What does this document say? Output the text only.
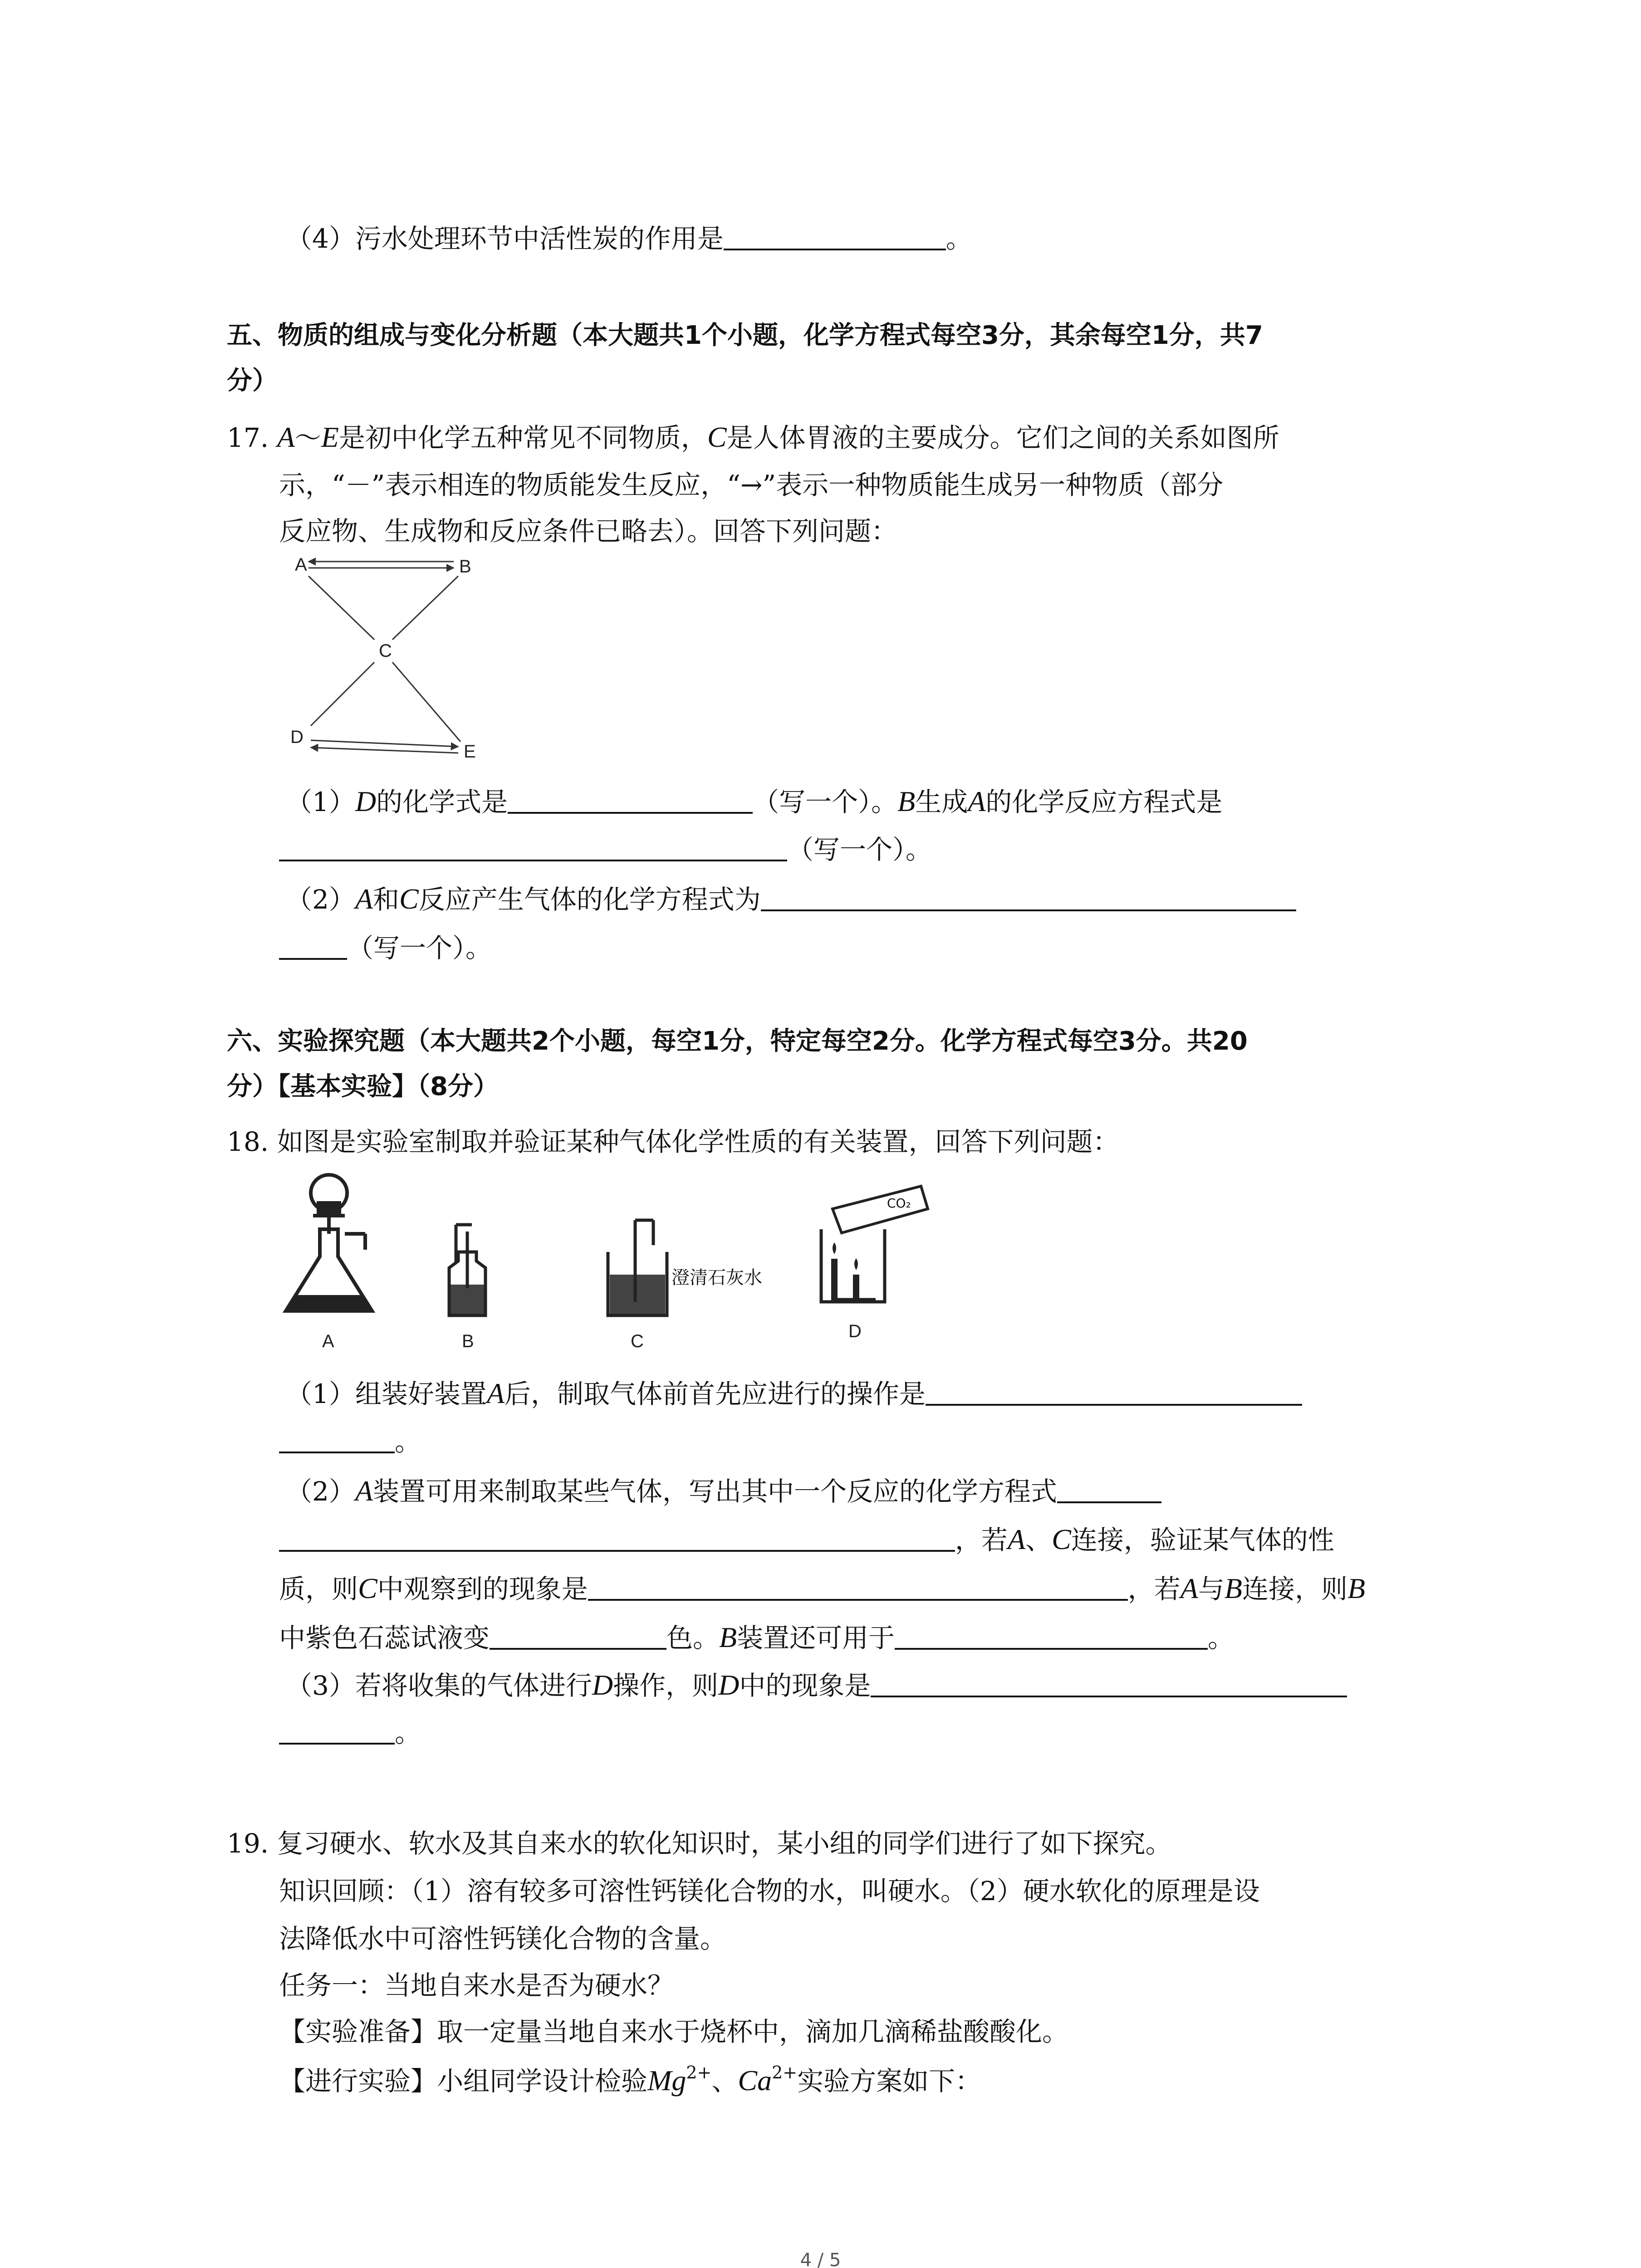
（4）污水处理环节中活性炭的作用是	。
五、物质的组成与变化分析题（本大题共1个小题，化学方程式每空3分，其余每空1分，共7
分）
17. A～E是初中化学五种常见不同物质，C是人体胃液的主要成分。它们之间的关系如图所
示，“－”表示相连的物质能发生反应，“→”表示一种物质能生成另一种物质（部分
反应物、生成物和反应条件已略去）。回答下列问题：
A	B
C
D
E
（1）D的化学式是	（写一个）。B生成A的化学反应方程式是
（写一个）。
（2）A和C反应产生气体的化学方程式为
（写一个）。
六、实验探究题（本大题共2个小题，每空1分，特定每空2分。化学方程式每空3分。共20
分）【基本实验】（8分）
18. 如图是实验室制取并验证某种气体化学性质的有关装置，回答下列问题：
A	B
澄清石灰水
C
CO₂
D
（1）组装好装置A后，制取气体前首先应进行的操作是
。
（2）A装置可用来制取某些气体，写出其中一个反应的化学方程式
，若A、C连接，验证某气体的性
质，则C中观察到的现象是	，若A与B连接，则B
中紫色石蕊试液变	色。B装置还可用于	。
（3）若将收集的气体进行D操作，则D中的现象是
。
19. 复习硬水、软水及其自来水的软化知识时，某小组的同学们进行了如下探究。
知识回顾：（1）溶有较多可溶性钙镁化合物的水，叫硬水。（2）硬水软化的原理是设
法降低水中可溶性钙镁化合物的含量。
任务一：当地自来水是否为硬水？
【实验准备】取一定量当地自来水于烧杯中，滴加几滴稀盐酸酸化。
【进行实验】小组同学设计检验$Mg^{2+}$、$Ca^{2+}$实验方案如下：
4 / 5
